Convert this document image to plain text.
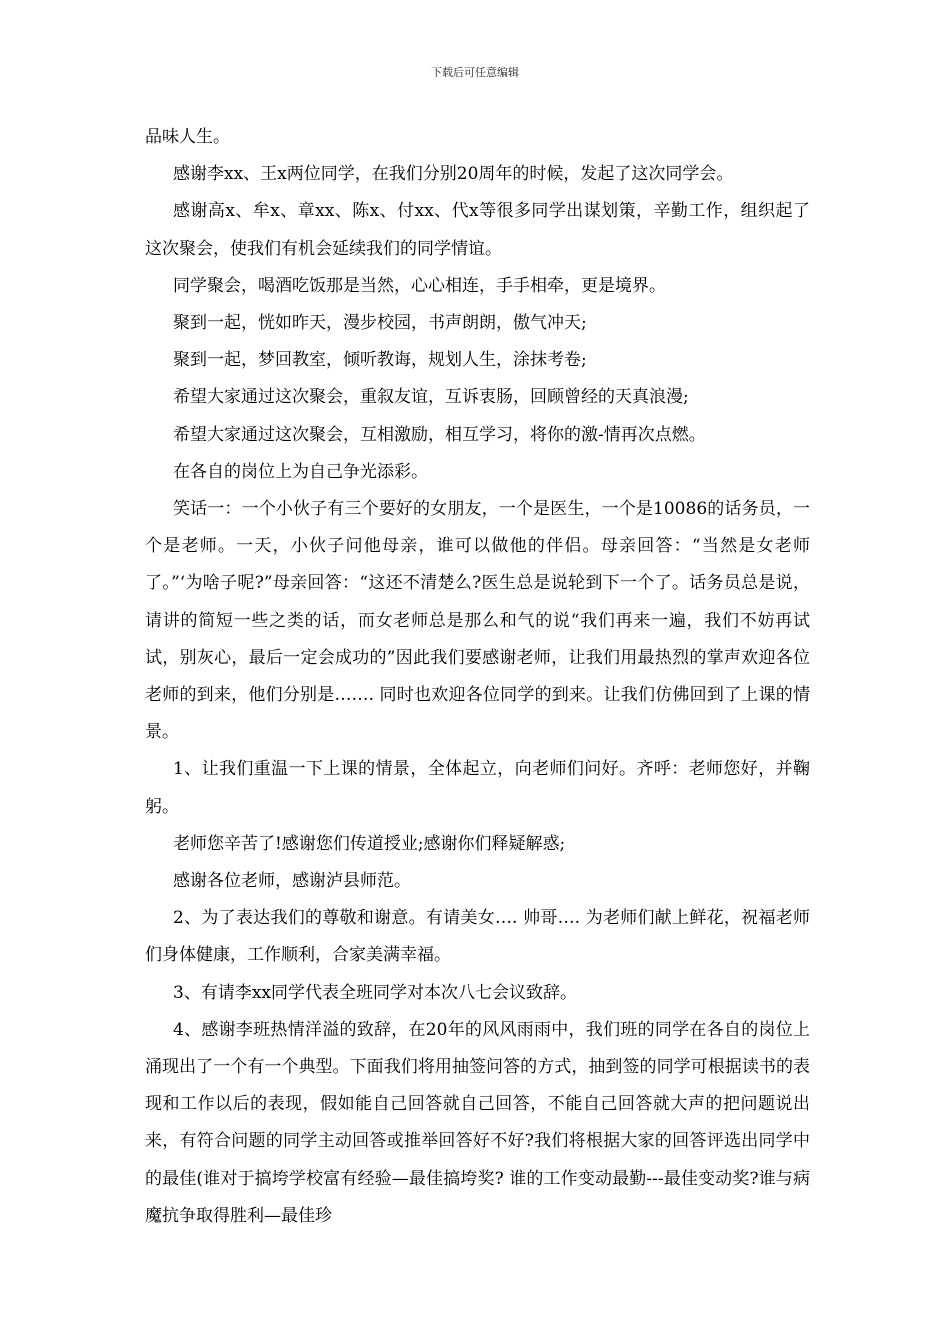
下载后可任意编辑

品味人生。

感谢李xx、王x两位同学，在我们分别20周年的时候，发起了这次同学会。

感谢高x、牟x、章xx、陈x、付xx、代x等很多同学出谋划策，辛勤工作，组织起了这次聚会，使我们有机会延续我们的同学情谊。

同学聚会，喝酒吃饭那是当然，心心相连，手手相牵，更是境界。

聚到一起，恍如昨天，漫步校园，书声朗朗，傲气冲天;

聚到一起，梦回教室，倾听教诲，规划人生，涂抹考卷;

希望大家通过这次聚会，重叙友谊，互诉衷肠，回顾曾经的天真浪漫;

希望大家通过这次聚会，互相激励，相互学习，将你的激-情再次点燃。

在各自的岗位上为自己争光添彩。

笑话一：一个小伙子有三个要好的女朋友，一个是医生，一个是10086的话务员，一个是老师。一天，小伙子问他母亲，谁可以做他的伴侣。母亲回答：“当然是女老师了。”‘为啥子呢?”母亲回答：“这还不清楚么?医生总是说轮到下一个了。话务员总是说，请讲的简短一些之类的话，而女老师总是那么和气的说“我们再来一遍，我们不妨再试试，别灰心，最后一定会成功的”因此我们要感谢老师，让我们用最热烈的掌声欢迎各位老师的到来，他们分别是……. 同时也欢迎各位同学的到来。让我们仿佛回到了上课的情景。

1、让我们重温一下上课的情景，全体起立，向老师们问好。齐呼：老师您好，并鞠躬。

老师您辛苦了!感谢您们传道授业;感谢你们释疑解惑;

感谢各位老师，感谢泸县师范。

2、为了表达我们的尊敬和谢意。有请美女…. 帅哥…. 为老师们献上鲜花，祝福老师们身体健康，工作顺利，合家美满幸福。

3、有请李xx同学代表全班同学对本次八七会议致辞。

4、感谢李班热情洋溢的致辞，在20年的风风雨雨中，我们班的同学在各自的岗位上涌现出了一个有一个典型。下面我们将用抽签问答的方式，抽到签的同学可根据读书的表现和工作以后的表现，假如能自己回答就自己回答，不能自己回答就大声的把问题说出来，有符合问题的同学主动回答或推举回答好不好?我们将根据大家的回答评选出同学中的最佳(谁对于搞垮学校富有经验—最佳搞垮奖? 谁的工作变动最勤---最佳变动奖?谁与病魔抗争取得胜利—最佳珍
